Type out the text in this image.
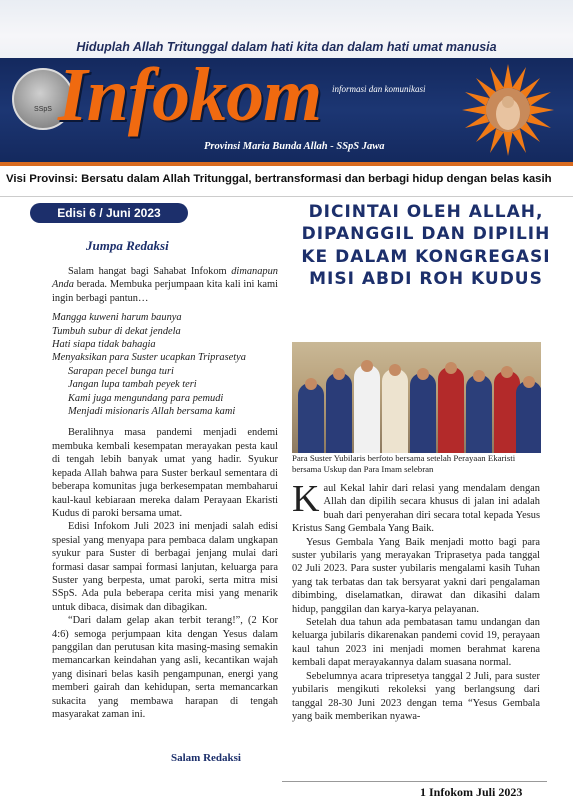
Hiduplah Allah Tritunggal dalam hati kita dan dalam hati umat manusia
SSpS Infokom informasi dan komunikasi
Provinsi Maria Bunda Allah - SSpS Jawa
Visi Provinsi: Bersatu dalam Allah Tritunggal, bertransformasi dan berbagi hidup dengan belas kasih
Edisi 6 / Juni 2023
Jumpa Redaksi

Salam hangat bagi Sahabat Infokom dimanapun Anda berada. Membuka perjumpaan kita kali ini kami ingin berbagi pantun…

Mangga kuweni harum baunya
Tumbuh subur di dekat jendela
Hati siapa tidak bahagia
Menyaksikan para Suster ucapkan Triprasetya
Sarapan pecel bunga turi
Jangan lupa tambah peyek teri
Kami juga mengundang para pemudi
Menjadi misionaris Allah bersama kami

Beralihnya masa pandemi menjadi endemi membuka kembali kesempatan merayakan pesta kaul di tengah lebih banyak umat yang hadir. Syukur kepada Allah bahwa para Suster berkaul sementara di beberapa komunitas juga berkesempatan membaharui kaul-kaul kebiaraan mereka dalam Perayaan Ekaristi Kudus di paroki bersama umat.

Edisi Infokom Juli 2023 ini menjadi salah edisi spesial yang menyapa para pembaca dalam ungkapan syukur para Suster di berbagai jenjang mulai dari formasi dasar sampai formasi lanjutan, keluarga para Suster yang berpesta, umat paroki, serta mitra misi SSpS. Ada pula beberapa cerita misi yang menarik untuk dibaca, disimak dan dibagikan.

“Dari dalam gelap akan terbit terang!”, (2 Kor 4:6) semoga perjumpaan kita dengan Yesus dalam panggilan dan perutusan kita masing-masing semakin memancarkan keindahan yang asli, kecantikan wajah yang disinari belas kasih pengampunan, energi yang memberi gairah dan kehidupan, serta memancarkan sukacita yang membawa harapan di tengah masyarakat zaman ini.

Salam Redaksi
DICINTAI OLEH ALLAH, DIPANGGIL DAN DIPILIH KE DALAM KONGREGASI MISI ABDI ROH KUDUS
Para Suster Yubilaris berfoto bersama setelah Perayaan Ekaristi bersama Uskup dan Para Imam selebran

Kaul Kekal lahir dari relasi yang mendalam dengan Allah dan dipilih secara khusus di jalan ini adalah buah dari penyerahan diri secara total kepada Yesus Kristus Sang Gembala Yang Baik.

Yesus Gembala Yang Baik menjadi motto bagi para suster yubilaris yang merayakan Triprasetya pada tanggal 02 Juli 2023. Para suster yubilaris mengalami kasih Tuhan yang tak terbatas dan tak bersyarat yakni dari pengalaman dibimbing, diselamatkan, dirawat dan dikasihi dalam hidup, panggilan dan karya-karya pelayanan.

Setelah dua tahun ada pembatasan tamu undangan dan keluarga jubilaris dikarenakan pandemi covid 19, perayaan kaul tahun 2023 ini menjadi momen berahmat karena kembali dapat merayakannya dalam suasana normal.

Sebelumnya acara tripresetya tanggal 2 Juli, para suster yubilaris mengikuti rekoleksi yang berlangsung dari tanggal 28-30 Juni 2023 dengan tema “Yesus Gembala yang baik memberikan nyawa-

1 Infokom Juli 2023
